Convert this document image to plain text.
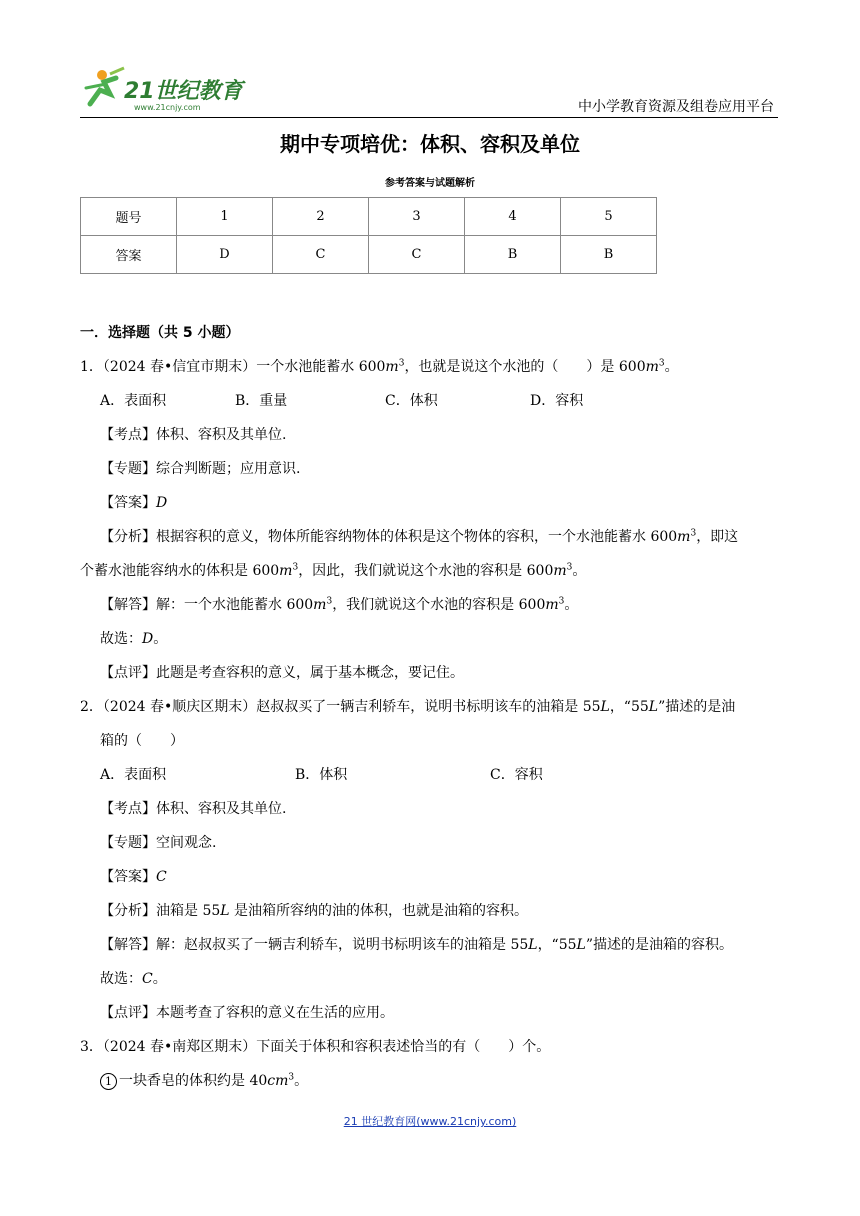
21世纪教育
www.21cnjy.com	中小学教育资源及组卷应用平台
期中专项培优：体积、容积及单位
参考答案与试题解析
题号	1	2	3	4	5
答案	D	C	C	B	B
一．选择题（共 5 小题）
1．（2024 春•信宜市期末）一个水池能蓄水 $600m^3$，也就是说这个水池的（　　）是 $600m^3$。
A．表面积	B．重量	C．体积	D．容积
【考点】体积、容积及其单位.
【专题】综合判断题；应用意识.
【答案】D
【分析】根据容积的意义，物体所能容纳物体的体积是这个物体的容积，一个水池能蓄水 $600m^3$，即这
个蓄水池能容纳水的体积是 $600m^3$，因此，我们就说这个水池的容积是 $600m^3$。
【解答】解：一个水池能蓄水 $600m^3$，我们就说这个水池的容积是 $600m^3$。
故选：D。
【点评】此题是考查容积的意义，属于基本概念，要记住。
2．（2024 春•顺庆区期末）赵叔叔买了一辆吉利轿车，说明书标明该车的油箱是 55L，“55L”描述的是油
箱的（　　）
A．表面积	B．体积	C．容积
【考点】体积、容积及其单位.
【专题】空间观念.
【答案】C
【分析】油箱是 55L 是油箱所容纳的油的体积，也就是油箱的容积。
【解答】解：赵叔叔买了一辆吉利轿车，说明书标明该车的油箱是 55L，“55L”描述的是油箱的容积。
故选：C。
【点评】本题考查了容积的意义在生活的应用。
3．（2024 春•南郑区期末）下面关于体积和容积表述恰当的有（　　）个。
1 一块香皂的体积约是 $40cm^3$。
21 世纪教育网(www.21cnjy.com)
